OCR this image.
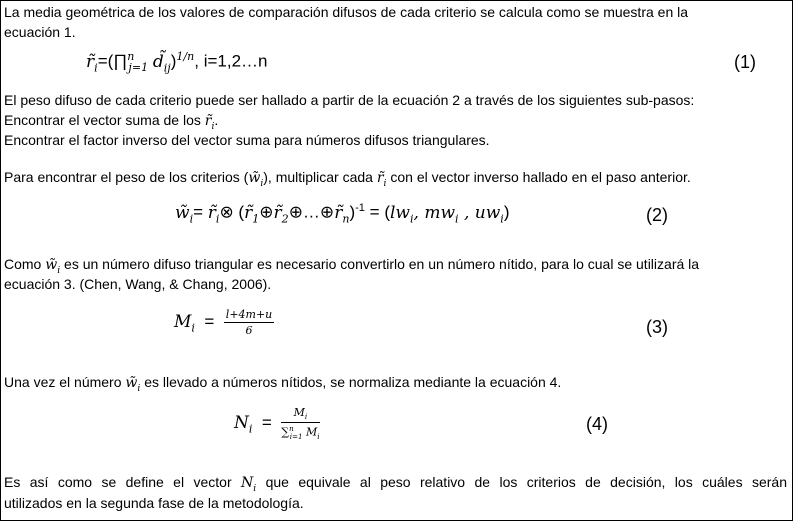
La media geométrica de los valores de comparación difusos de cada criterio se calcula como se muestra en la
ecuación 1.
$r̃_i=(\prod^n_{j=1}$ $d̃_{ij})^{1/n}$, i=1,2…n	(1)
El peso difuso de cada criterio puede ser hallado a partir de la ecuación 2 a través de los siguientes sub-pasos:
Encontrar el vector suma de los $r̃_i$.
Encontrar el factor inverso del vector suma para números difusos triangulares.
Para encontrar el peso de los criterios $(w̃_i)$, multiplicar cada $r̃_i$ con el vector inverso hallado en el paso anterior.
$w̃_i=$ $r̃_i\otimes$ $(r̃_1\oplus r̃_2\oplus\dots\oplus r̃_n)^{-1} = (lw_i$, $mw_i$ , $uw_i$)	(2)
Como $w̃_i$ es un número difuso triangular es necesario convertirlo en un número nítido, para lo cual se utilizará la
ecuación 3. (Chen, Wang, & Chang, 2006).
$M_i = \frac{l+4m+u}{6}$	(3)
Una vez el número $w̃_i$ es llevado a números nítidos, se normaliza mediante la ecuación 4.
$N_i = \frac{M_i}{\sum^n_{i=1} M_i}$	(4)
Es así como se define el vector $N_i$ que equivale al peso relativo de los criterios de decisión, los cuáles serán
utilizados en la segunda fase de la metodología.
